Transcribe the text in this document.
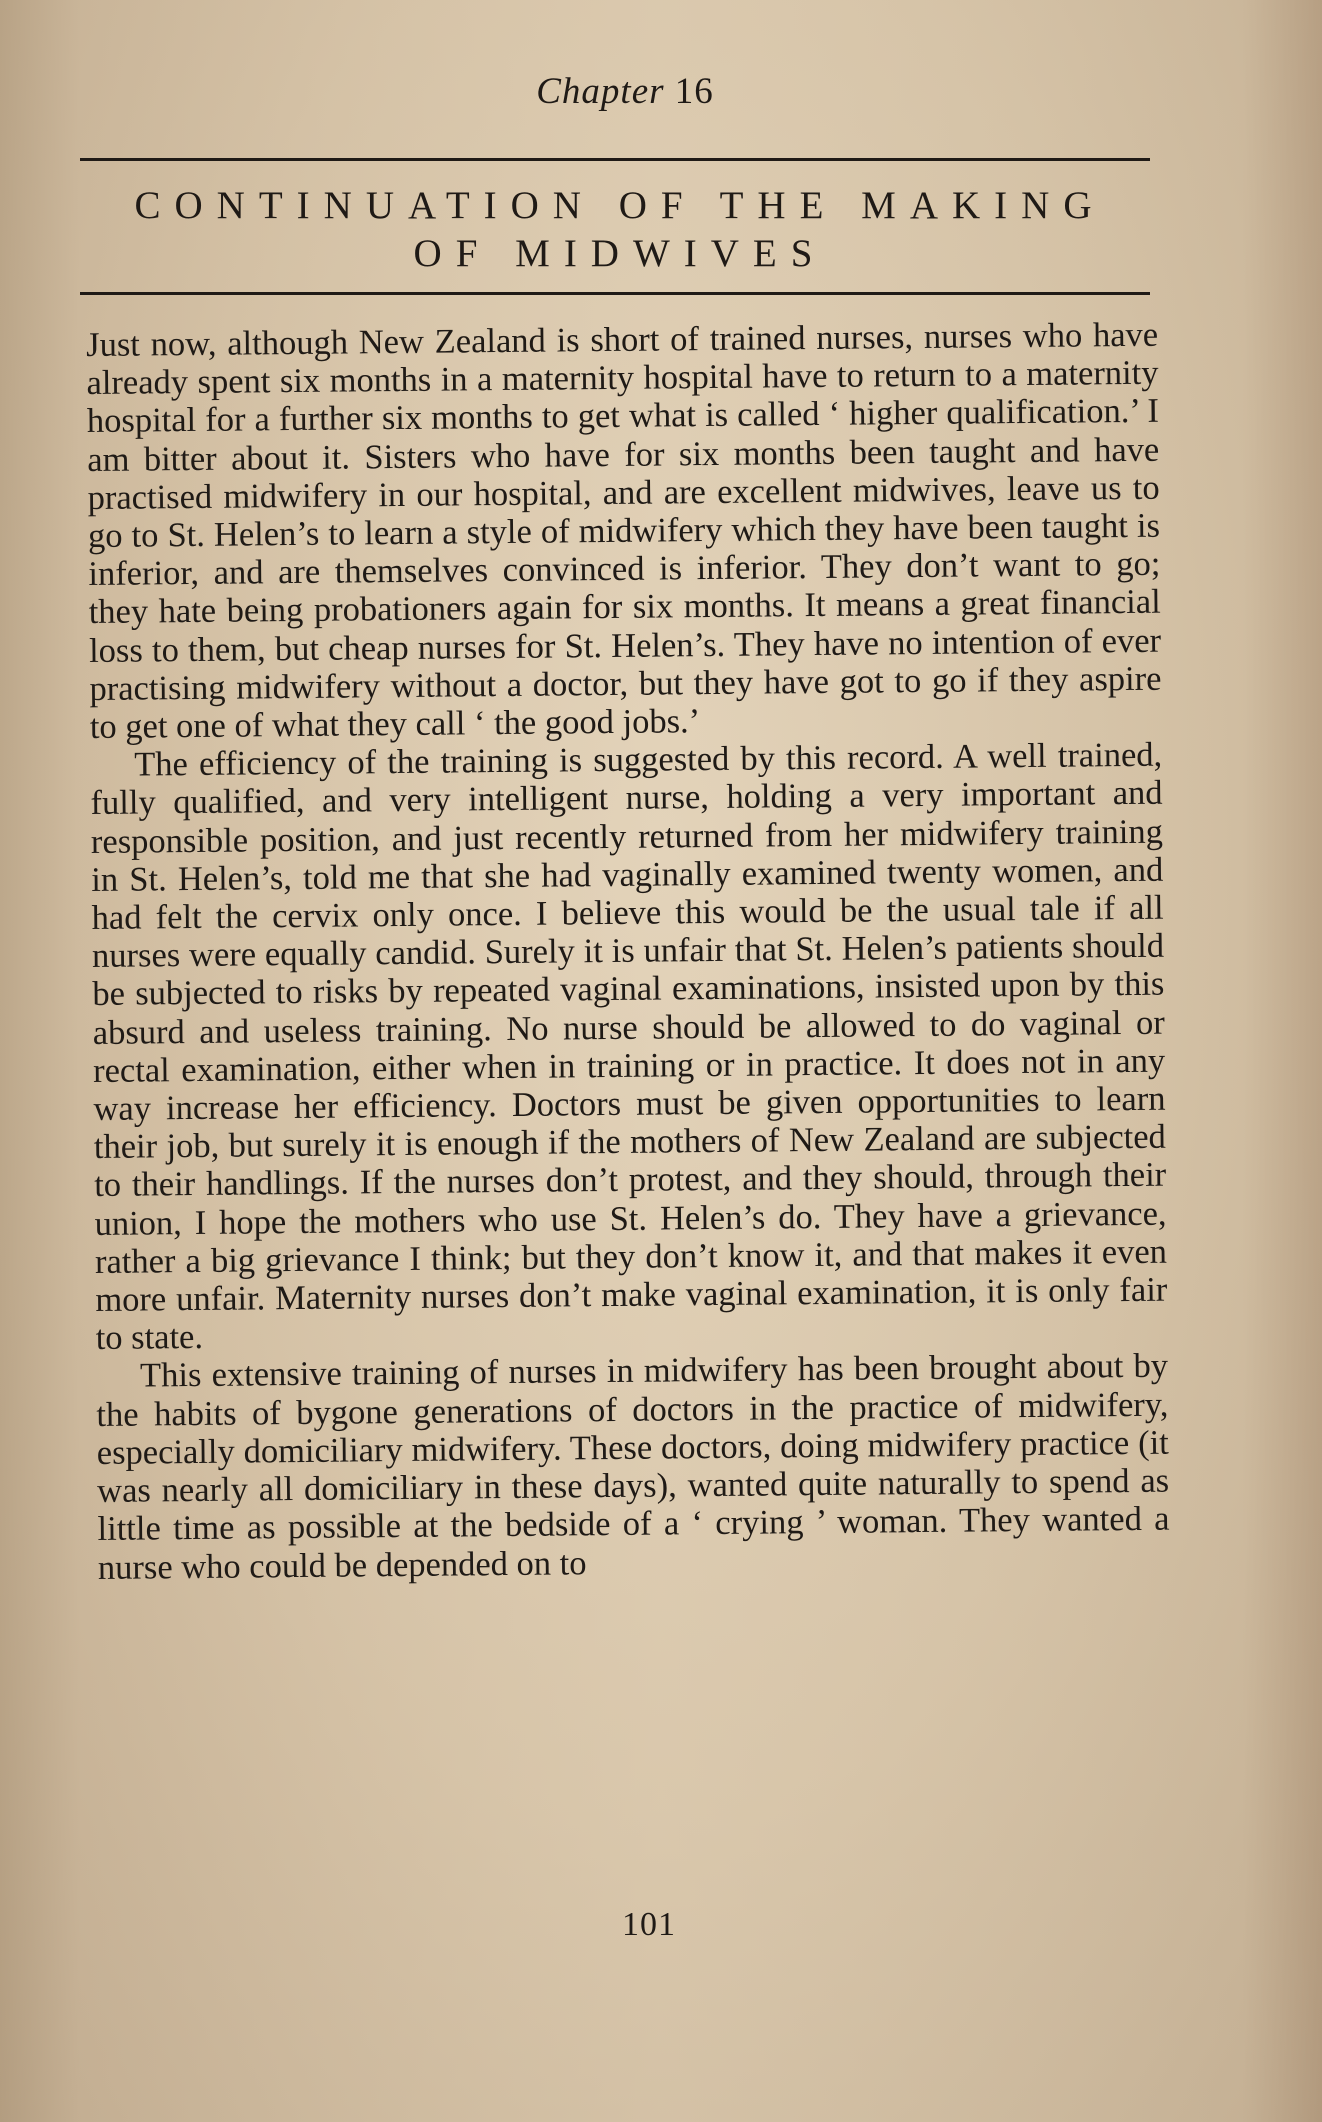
Chapter 16
CONTINUATION OF THE MAKING
OF MIDWIVES

Just now, although New Zealand is short of trained nurses, nurses who have already spent six months in a maternity hospital have to return to a maternity hospital for a further six months to get what is called ‘ higher qualification.’ I am bitter about it. Sisters who have for six months been taught and have practised midwifery in our hospital, and are excellent midwives, leave us to go to St. Helen’s to learn a style of midwifery which they have been taught is inferior, and are themselves convinced is inferior. They don’t want to go; they hate being probationers again for six months. It means a great financial loss to them, but cheap nurses for St. Helen’s. They have no intention of ever practising midwifery without a doctor, but they have got to go if they aspire to get one of what they call ‘ the good jobs.’

The efficiency of the training is suggested by this record. A well trained, fully qualified, and very intelligent nurse, holding a very important and responsible position, and just recently returned from her midwifery training in St. Helen’s, told me that she had vaginally examined twenty women, and had felt the cervix only once. I believe this would be the usual tale if all nurses were equally candid. Surely it is unfair that St. Helen’s patients should be subjected to risks by repeated vaginal examinations, insisted upon by this absurd and useless training. No nurse should be allowed to do vaginal or rectal examination, either when in training or in practice. It does not in any way increase her efficiency. Doctors must be given opportunities to learn their job, but surely it is enough if the mothers of New Zealand are subjected to their handlings. If the nurses don’t protest, and they should, through their union, I hope the mothers who use St. Helen’s do. They have a grievance, rather a big grievance I think; but they don’t know it, and that makes it even more unfair. Maternity nurses don’t make vaginal examination, it is only fair to state.

This extensive training of nurses in midwifery has been brought about by the habits of bygone generations of doctors in the practice of midwifery, especially domiciliary midwifery. These doctors, doing midwifery practice (it was nearly all domiciliary in these days), wanted quite naturally to spend as little time as possible at the bedside of a ‘ crying ’ woman. They wanted a nurse who could be depended on to

101
